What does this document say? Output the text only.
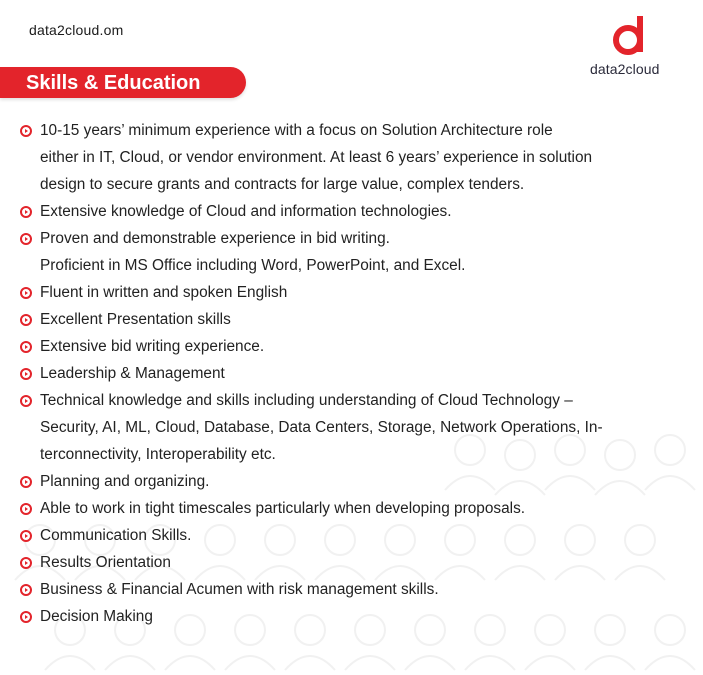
data2cloud.om
data2cloud
Skills & Education
10-15 years’ minimum experience with a focus on Solution Architecture role
either in IT, Cloud, or vendor environment. At least 6 years’ experience in solution
design to secure grants and contracts for large value, complex tenders.
Extensive knowledge of Cloud and information technologies.
Proven and demonstrable experience in bid writing.
Proficient in MS Office including Word, PowerPoint, and Excel.
Fluent in written and spoken English
Excellent Presentation skills
Extensive bid writing experience.
Leadership & Management
Technical knowledge and skills including understanding of Cloud Technology –
Security, AI, ML, Cloud, Database, Data Centers, Storage, Network Operations, In-
terconnectivity, Interoperability etc.
Planning and organizing.
Able to work in tight timescales particularly when developing proposals.
Communication Skills.
Results Orientation
Business & Financial Acumen with risk management skills.
Decision Making
